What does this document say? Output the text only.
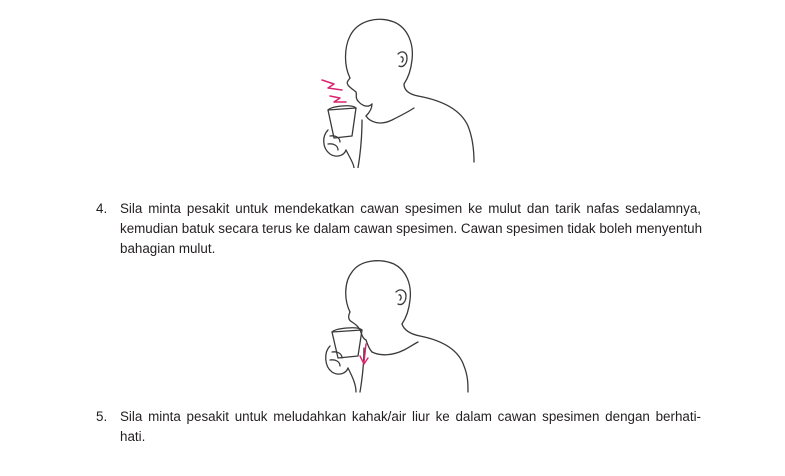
4. Sila minta pesakit untuk mendekatkan cawan spesimen ke mulut dan tarik nafas sedalamnya,
kemudian batuk secara terus ke dalam cawan spesimen. Cawan spesimen tidak boleh menyentuh
bahagian mulut.
5. Sila minta pesakit untuk meludahkan kahak/air liur ke dalam cawan spesimen dengan berhati-
hati.
